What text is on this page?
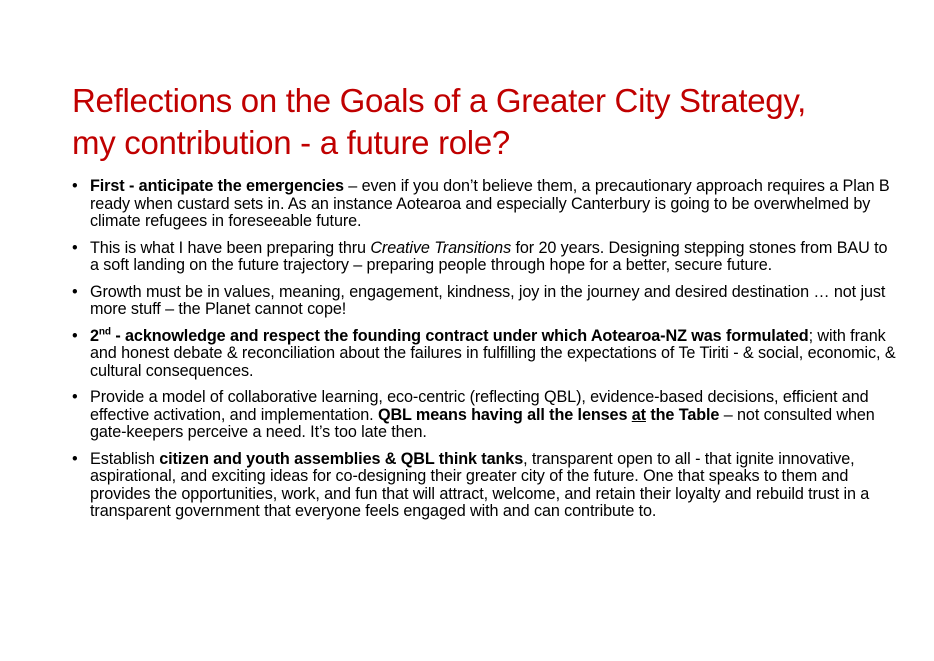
Reflections on the Goals of a Greater City Strategy,
my contribution - a future role?
• First - anticipate the emergencies – even if you don’t believe them, a precautionary approach requires a Plan B ready when custard sets in. As an instance Aotearoa and especially Canterbury is going to be overwhelmed by climate refugees in foreseeable future.
• This is what I have been preparing thru Creative Transitions for 20 years. Designing stepping stones from BAU to a soft landing on the future trajectory – preparing people through hope for a better, secure future.
• Growth must be in values, meaning, engagement, kindness, joy in the journey and desired destination … not just more stuff – the Planet cannot cope!
• 2nd - acknowledge and respect the founding contract under which Aotearoa-NZ was formulated; with frank and honest debate & reconciliation about the failures in fulfilling the expectations of Te Tiriti - & social, economic, & cultural consequences.
• Provide a model of collaborative learning, eco-centric (reflecting QBL), evidence-based decisions, efficient and effective activation, and implementation. QBL means having all the lenses at the Table – not consulted when gate-keepers perceive a need. It’s too late then.
• Establish citizen and youth assemblies & QBL think tanks, transparent open to all - that ignite innovative, aspirational, and exciting ideas for co-designing their greater city of the future. One that speaks to them and provides the opportunities, work, and fun that will attract, welcome, and retain their loyalty and rebuild trust in a transparent government that everyone feels engaged with and can contribute to.
